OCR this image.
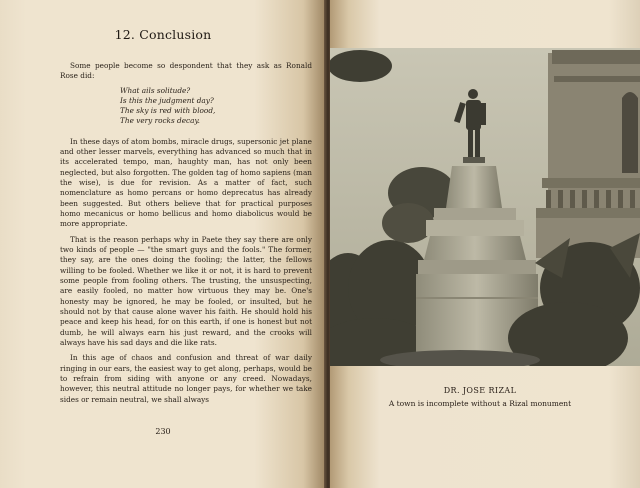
12. Conclusion

Some people become so despondent that they ask as Ronald Rose did:

What ails solitude?
Is this the judgment day?
The sky is red with blood,
The very rocks decay.

In these days of atom bombs, miracle drugs, supersonic jet plane and other lesser marvels, everything has advanced so much that in its accelerated tempo, man, haughty man, has not only been neglected, but also forgotten. The golden tag of homo sapiens (man the wise), is due for revision. As a matter of fact, such nomenclature as homo percans or homo deprecatus has already been suggested. But others believe that for practical purposes homo mecanicus or homo bellicus and homo diabolicus would be more appropriate.

That is the reason perhaps why in Paete they say there are only two kinds of people — "the smart guys and the fools." The former, they say, are the ones doing the fooling; the latter, the fellows willing to be fooled. Whether we like it or not, it is hard to prevent some people from fooling others. The trusting, the unsuspecting, are easily fooled, no matter how virtuous they may be. One's honesty may be ignored, he may be fooled, or insulted, but he should not by that cause alone waver his faith. He should hold his peace and keep his head, for on this earth, if one is honest but not dumb, he will always earn his just reward, and the crooks will always have his sad days and die like rats.

In this age of chaos and confusion and threat of war daily ringing in our ears, the easiest way to get along, perhaps, would be to refrain from siding with anyone or any creed. Nowadays, however, this neutral attitude no longer pays, for whether we take sides or remain neutral, we shall always

230
DR. JOSE RIZAL
A town is incomplete without a Rizal monument
